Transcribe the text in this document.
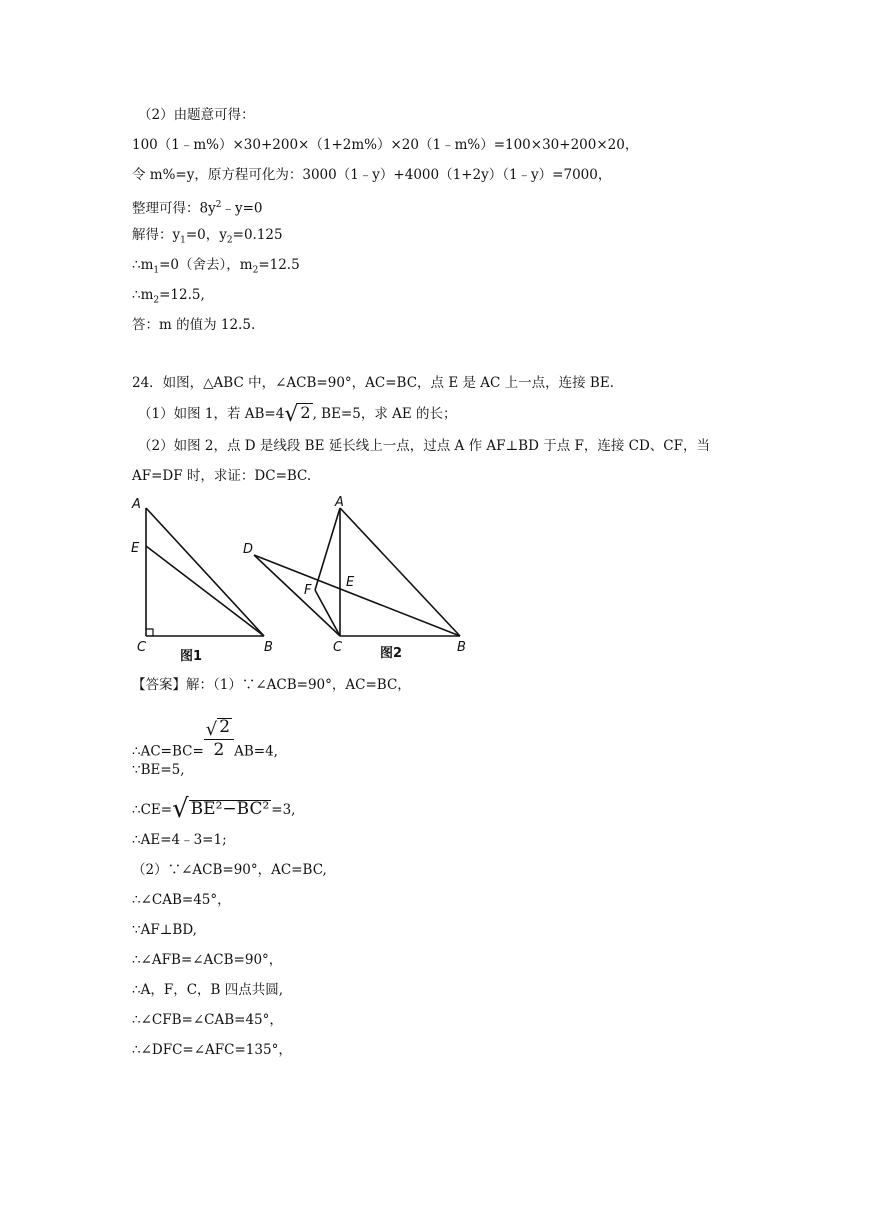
（2）由题意可得：
100（1﹣m%）×30+200×（1+2m%）×20（1﹣m%）=100×30+200×20，
令 m%=y，原方程可化为：3000（1﹣y）+4000（1+2y）（1﹣y）=7000，
整理可得：$8y^2﹣y=0$
解得：$y_1=0$，$y_2=0.125$
$\therefore m_1=0$（舍去），$m_2=12.5$
$\therefore m_2=12.5$,
答：m 的值为 12.5.
24．如图，△ABC 中，∠ACB=90°，AC=BC，点 E 是 AC 上一点，连接 BE.
（1）如图 1，若 AB=4√ 2 , BE=5，求 AE 的长；
（2）如图 2，点 D 是线段 BE 延长线上一点，过点 A 作 AF⊥BD 于点 F，连接 CD、CF，当
AF=DF 时，求证：DC=BC.
A
E
C	B
A
D
F
E
C	B
图1	图2
【答案】解：（1）∵∠ACB=90°，AC=BC，
∴AC=BC= $\frac{√ 2}{2} AB=4$,
∵BE=5,
∴CE=√ BE²−BC² =3,
∴AE=4﹣3=1;
（2）∵∠ACB=90°，AC=BC,
∴∠CAB=45°，
∵AF⊥BD,
∴∠AFB=∠ACB=90°，
∴A，F，C，B 四点共圆,
∴∠CFB=∠CAB=45°，
∴∠DFC=∠AFC=135°，
